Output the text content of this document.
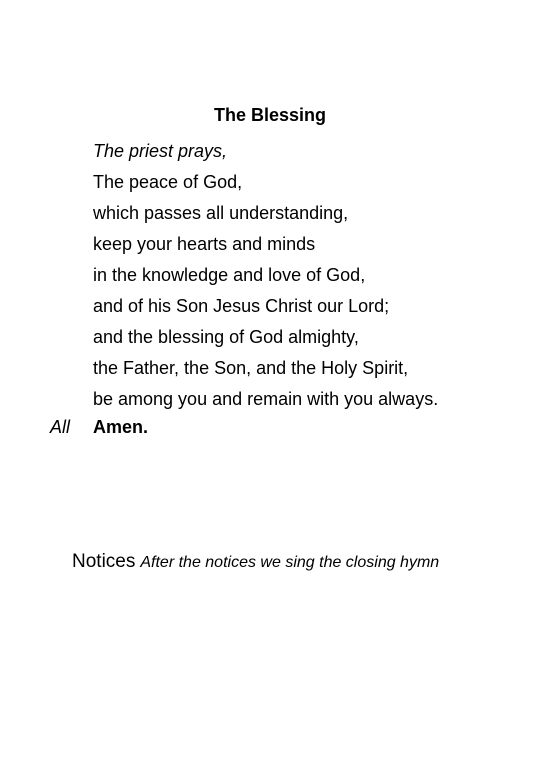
The Blessing
The priest prays,
The peace of God,
which passes all understanding,
keep your hearts and minds
in the knowledge and love of God,
and of his Son Jesus Christ our Lord;
and the blessing of God almighty,
the Father, the Son, and the Holy Spirit,
be among you and remain with you always.
All Amen.
Notices After the notices we sing the closing hymn
